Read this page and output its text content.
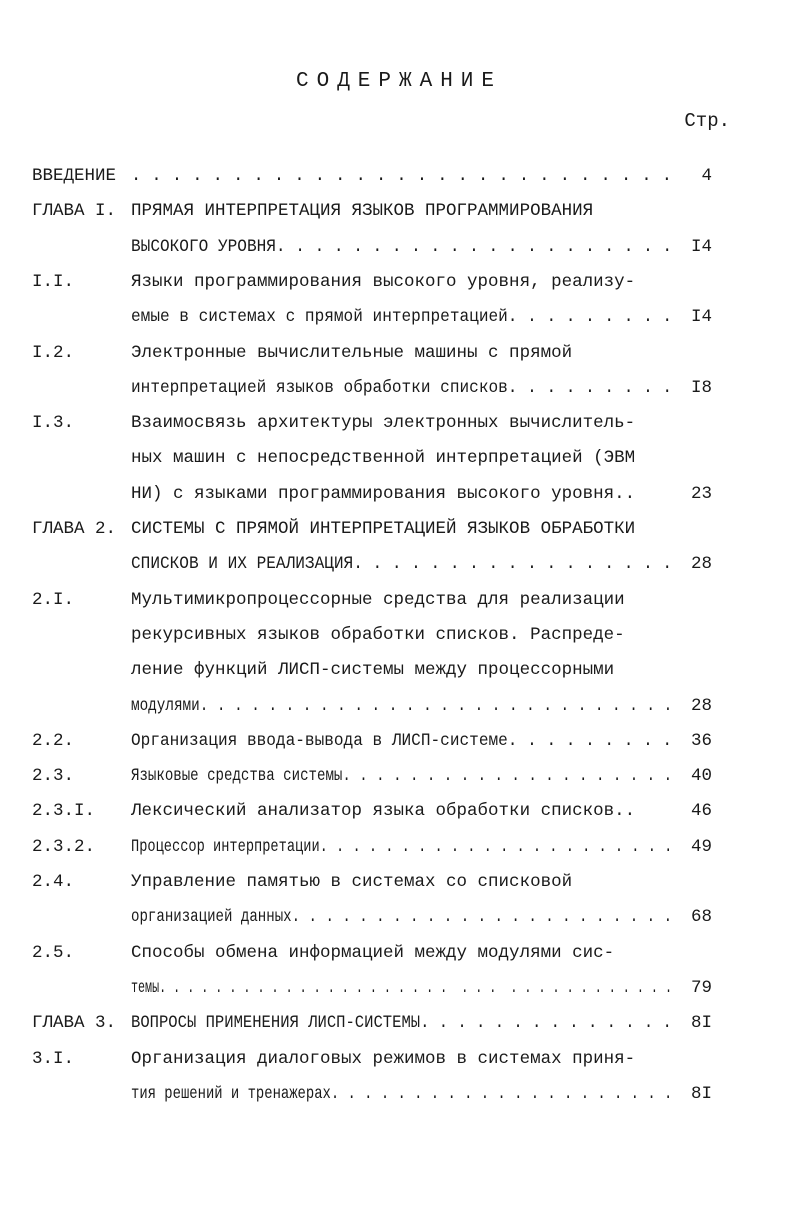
СОДЕРЖАНИЕ
Стр.
ВВЕДЕНИЕ . . . . . . . . . . . . . . . . . . . . . . . . . . . 4
ГЛАВА I. ПРЯМАЯ ИНТЕРПРЕТАЦИЯ ЯЗЫКОВ ПРОГРАММИРОВАНИЯ
ВЫСОКОГО УРОВНЯ. . . . . . . . . . . . . . . . . . . . . I4
I.I.	Языки программирования высокого уровня, реализу-
емые в системах с прямой интерпретацией. . . . . . . . . I4
I.2.	Электронные вычислительные машины с прямой
интерпретацией языков обработки списков. . . . . . . . . I8
I.3.	Взаимосвязь архитектуры электронных вычислитель-
ных машин с непосредственной интерпретацией (ЭВМ
НИ) с языками программирования высокого уровня..	23
ГЛАВА 2. СИСТЕМЫ С ПРЯМОЙ ИНТЕРПРЕТАЦИЕЙ ЯЗЫКОВ ОБРАБОТКИ
СПИСКОВ И ИХ РЕАЛИЗАЦИЯ. . . . . . . . . . . . . . . . . 28
2.I.	Мультимикропроцессорные средства для реализации
рекурсивных языков обработки списков. Распреде-
ление функций ЛИСП-системы между процессорными
модулями. . . . . . . . . . . . . . . . . . . . . . . . . . . . 28
2.2.	Организация ввода-вывода в ЛИСП-системе. . . . . . . . . 36
2.3.	Языковые средства системы. . . . . . . . . . . . . . . . . . . . 40
2.3.I. Лексический анализатор языка обработки списков..	46
2.3.2. Процессор интерпретации. . . . . . . . . . . . . . . . . . . . . . 49
2.4.	Управление памятью в системах со списковой
организацией данных. . . . . . . . . . . . . . . . . . . . . . . 68
2.5.	Способы обмена информацией между модулями сис-
темы. . . . . . . . . . . . . . . . . . . . .  . . .  . . . . . . . . . . . . 79
ГЛАВА 3. ВОПРОСЫ ПРИМЕНЕНИЯ ЛИСП-СИСТЕМЫ. . . . . . . . . . . . . . 8I
3.I.	Организация диалоговых режимов в системах приня-
тия решений и тренажерах. . . . . . . . . . . . . . . . . . . . . 8I
